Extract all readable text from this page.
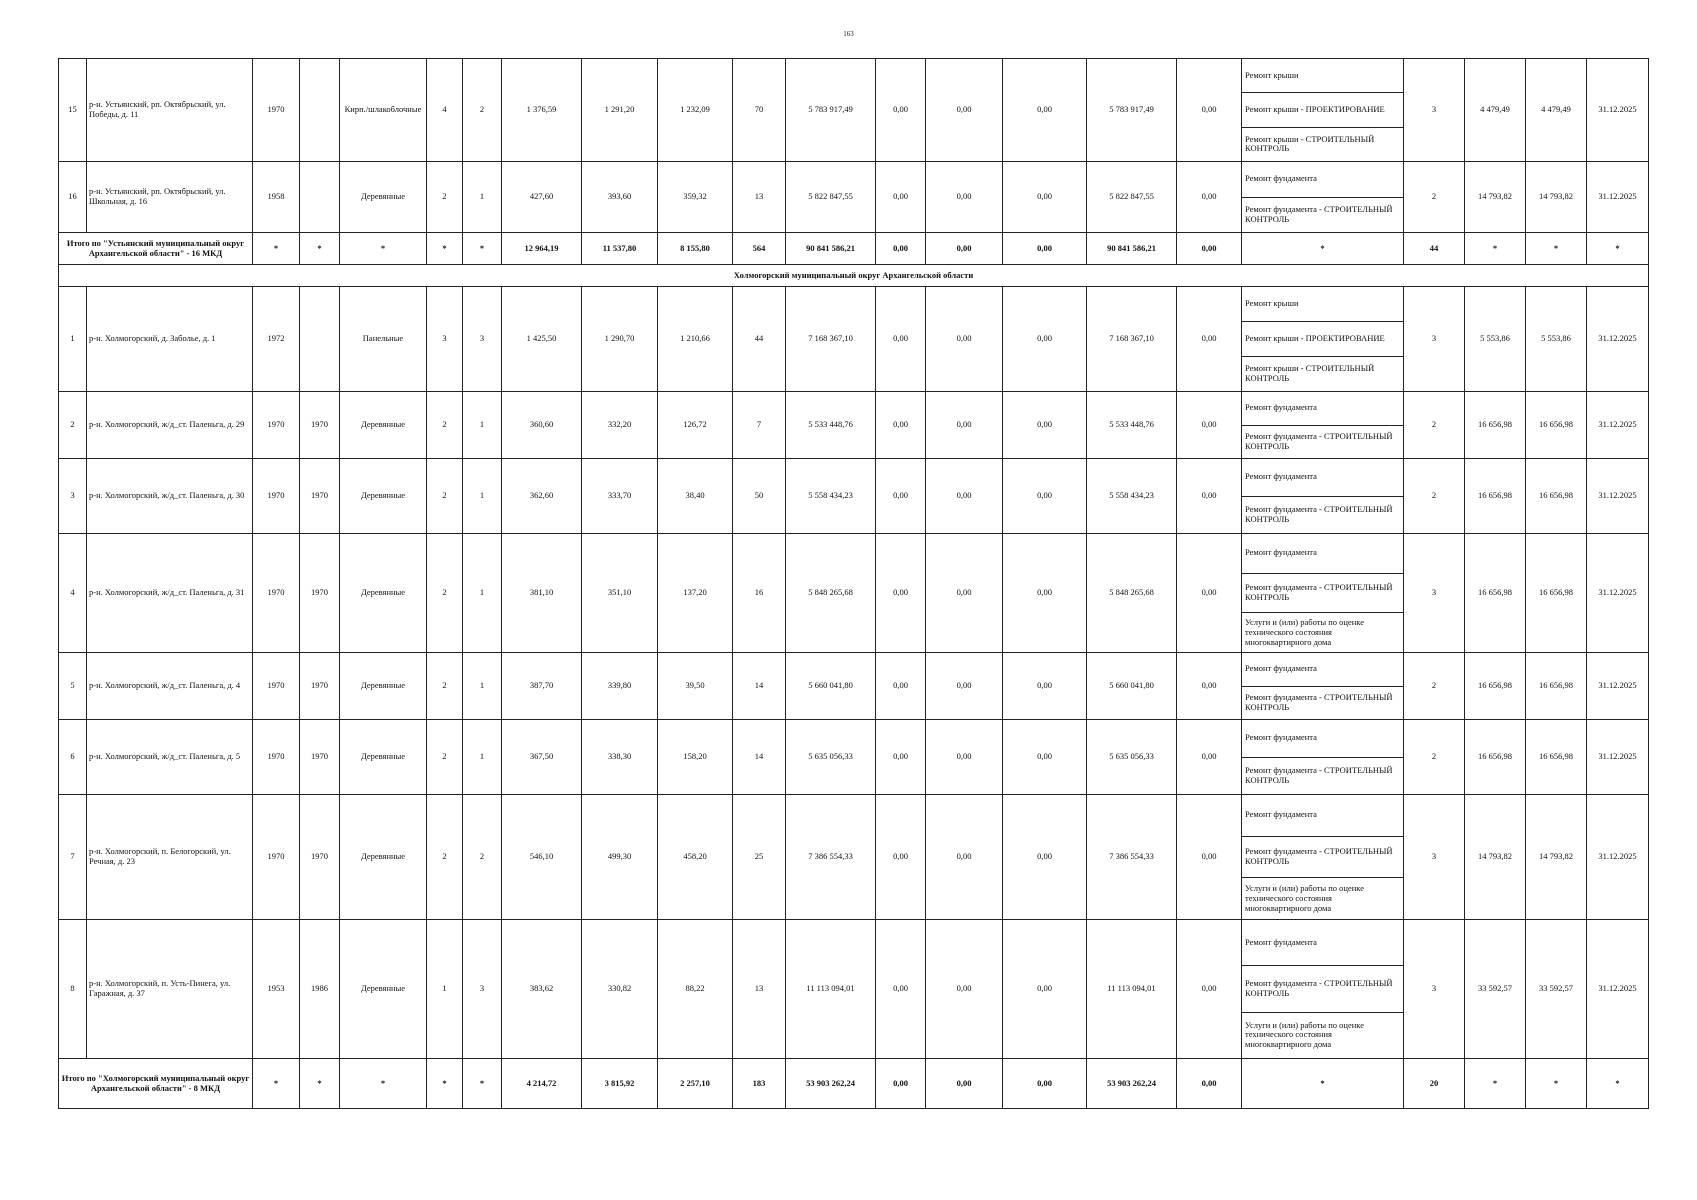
163
15	р-н. Устьянский, рп. Октябрьский, ул. Победы, д. 11	1970		Кирп./шлакоблочные	4	2	1 376,59	1 291,20	1 232,09	70	5 783 917,49	0,00	0,00	0,00	5 783 917,49	0,00	Ремонт крыши
Ремонт крыши - ПРОЕКТИРОВАНИЕ
Ремонт крыши - СТРОИТЕЛЬНЫЙ КОНТРОЛЬ	3	4 479,49	4 479,49	31.12.2025
16	р-н. Устьянский, рп. Октябрьский, ул. Школьная, д. 16	1958		Деревянные	2	1	427,60	393,60	359,32	13	5 822 847,55	0,00	0,00	0,00	5 822 847,55	0,00	Ремонт фундамента
Ремонт фундамента - СТРОИТЕЛЬНЫЙ КОНТРОЛЬ	2	14 793,82	14 793,82	31.12.2025
Итого по "Устьянский муниципальный округ Архангельской области" - 16 МКД		*	*	*	*	*	12 964,19	11 537,80	8 155,80	564	90 841 586,21	0,00	0,00	0,00	90 841 586,21	0,00	*	44	*	*	*
Холмогорский муниципальный округ Архангельской области																					
1	р-н. Холмогорский, д. Заболье, д. 1	1972		Панельные	3	3	1 425,50	1 290,70	1 210,66	44	7 168 367,10	0,00	0,00	0,00	7 168 367,10	0,00	Ремонт крыши
Ремонт крыши - ПРОЕКТИРОВАНИЕ
Ремонт крыши - СТРОИТЕЛЬНЫЙ КОНТРОЛЬ	3	5 553,86	5 553,86	31.12.2025
2	р-н. Холмогорский, ж/д_ст. Паленьга, д. 29	1970	1970	Деревянные	2	1	360,60	332,20	126,72	7	5 533 448,76	0,00	0,00	0,00	5 533 448,76	0,00	Ремонт фундамента
Ремонт фундамента - СТРОИТЕЛЬНЫЙ КОНТРОЛЬ	2	16 656,98	16 656,98	31.12.2025
3	р-н. Холмогорский, ж/д_ст. Паленьга, д. 30	1970	1970	Деревянные	2	1	362,60	333,70	38,40	50	5 558 434,23	0,00	0,00	0,00	5 558 434,23	0,00	Ремонт фундамента
Ремонт фундамента - СТРОИТЕЛЬНЫЙ КОНТРОЛЬ	2	16 656,98	16 656,98	31.12.2025
4	р-н. Холмогорский, ж/д_ст. Паленьга, д. 31	1970	1970	Деревянные	2	1	381,10	351,10	137,20	16	5 848 265,68	0,00	0,00	0,00	5 848 265,68	0,00	Ремонт фундамента
Ремонт фундамента - СТРОИТЕЛЬНЫЙ КОНТРОЛЬ
Услуги и (или) работы по оценке технического состояния многоквартирного дома	3	16 656,98	16 656,98	31.12.2025
5	р-н. Холмогорский, ж/д_ст. Паленьга, д. 4	1970	1970	Деревянные	2	1	387,70	339,80	39,50	14	5 660 041,80	0,00	0,00	0,00	5 660 041,80	0,00	Ремонт фундамента
Ремонт фундамента - СТРОИТЕЛЬНЫЙ КОНТРОЛЬ	2	16 656,98	16 656,98	31.12.2025
6	р-н. Холмогорский, ж/д_ст. Паленьга, д. 5	1970	1970	Деревянные	2	1	367,50	338,30	158,20	14	5 635 056,33	0,00	0,00	0,00	5 635 056,33	0,00	Ремонт фундамента
Ремонт фундамента - СТРОИТЕЛЬНЫЙ КОНТРОЛЬ	2	16 656,98	16 656,98	31.12.2025
7	р-н. Холмогорский, п. Белогорский, ул. Речная, д. 23	1970	1970	Деревянные	2	2	546,10	499,30	458,20	25	7 386 554,33	0,00	0,00	0,00	7 386 554,33	0,00	Ремонт фундамента
Ремонт фундамента - СТРОИТЕЛЬНЫЙ КОНТРОЛЬ
Услуги и (или) работы по оценке технического состояния многоквартирного дома	3	14 793,82	14 793,82	31.12.2025
8	р-н. Холмогорский, п. Усть-Пинега, ул. Гаражная, д. 37	1953	1986	Деревянные	1	3	383,62	330,82	88,22	13	11 113 094,01	0,00	0,00	0,00	11 113 094,01	0,00	Ремонт фундамента
Ремонт фундамента - СТРОИТЕЛЬНЫЙ КОНТРОЛЬ
Услуги и (или) работы по оценке технического состояния многоквартирного дома	3	33 592,57	33 592,57	31.12.2025
Итого по "Холмогорский муниципальный округ Архангельской области" - 8 МКД		*	*	*	*	*	4 214,72	3 815,92	2 257,10	183	53 903 262,24	0,00	0,00	0,00	53 903 262,24	0,00	*	20	*	*	*
